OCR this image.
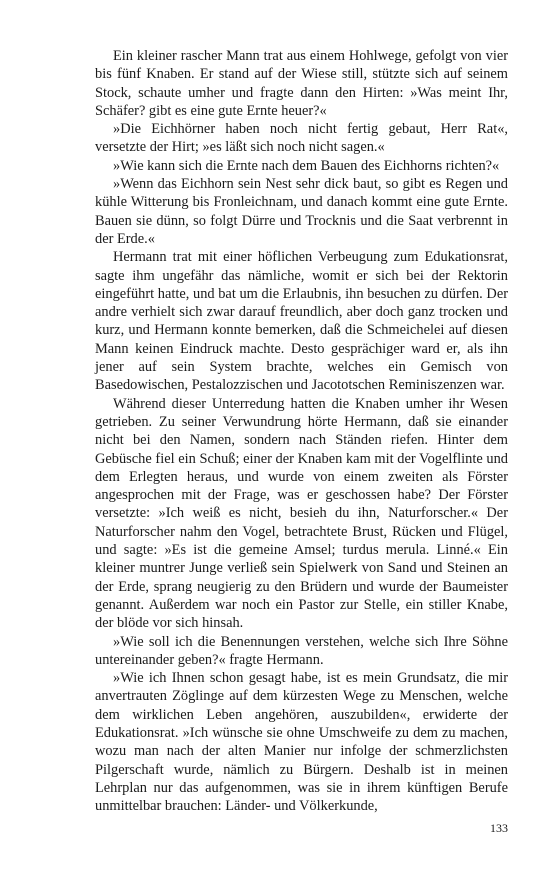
Ein kleiner rascher Mann trat aus einem Hohlwege, gefolgt von vier bis fünf Knaben. Er stand auf der Wiese still, stützte sich auf seinem Stock, schaute umher und fragte dann den Hirten: »Was meint Ihr, Schäfer? gibt es eine gute Ernte heuer?«

»Die Eichhörner haben noch nicht fertig gebaut, Herr Rat«, versetzte der Hirt; »es läßt sich noch nicht sagen.«

»Wie kann sich die Ernte nach dem Bauen des Eichhorns richten?«

»Wenn das Eichhorn sein Nest sehr dick baut, so gibt es Regen und kühle Witterung bis Fronleichnam, und danach kommt eine gute Ernte. Bauen sie dünn, so folgt Dürre und Trocknis und die Saat verbrennt in der Erde.«

Hermann trat mit einer höflichen Verbeugung zum Edukationsrat, sagte ihm ungefähr das nämliche, womit er sich bei der Rektorin eingeführt hatte, und bat um die Erlaubnis, ihn besuchen zu dürfen. Der andre verhielt sich zwar darauf freundlich, aber doch ganz trocken und kurz, und Hermann konnte bemerken, daß die Schmeichelei auf diesen Mann keinen Eindruck machte. Desto gesprächiger ward er, als ihn jener auf sein System brachte, welches ein Gemisch von Basedowischen, Pestalozzischen und Jacototschen Reminiszenzen war.

Während dieser Unterredung hatten die Knaben umher ihr Wesen getrieben. Zu seiner Verwundrung hörte Hermann, daß sie einander nicht bei den Namen, sondern nach Ständen riefen. Hinter dem Gebüsche fiel ein Schuß; einer der Knaben kam mit der Vogelflinte und dem Erlegten heraus, und wurde von einem zweiten als Förster angesprochen mit der Frage, was er geschossen habe? Der Förster versetzte: »Ich weiß es nicht, besieh du ihn, Naturforscher.« Der Naturforscher nahm den Vogel, betrachtete Brust, Rücken und Flügel, und sagte: »Es ist die gemeine Amsel; turdus merula. Linné.« Ein kleiner muntrer Junge verließ sein Spielwerk von Sand und Steinen an der Erde, sprang neugierig zu den Brüdern und wurde der Baumeister genannt. Außerdem war noch ein Pastor zur Stelle, ein stiller Knabe, der blöde vor sich hinsah.

»Wie soll ich die Benennungen verstehen, welche sich Ihre Söhne untereinander geben?« fragte Hermann.

»Wie ich Ihnen schon gesagt habe, ist es mein Grundsatz, die mir anvertrauten Zöglinge auf dem kürzesten Wege zu Menschen, welche dem wirklichen Leben angehören, auszubilden«, erwiderte der Edukationsrat. »Ich wünsche sie ohne Umschweife zu dem zu machen, wozu man nach der alten Manier nur infolge der schmerzlichsten Pilgerschaft wurde, nämlich zu Bürgern. Deshalb ist in meinen Lehrplan nur das aufgenommen, was sie in ihrem künftigen Berufe unmittelbar brauchen: Länder- und Völkerkunde,

133
